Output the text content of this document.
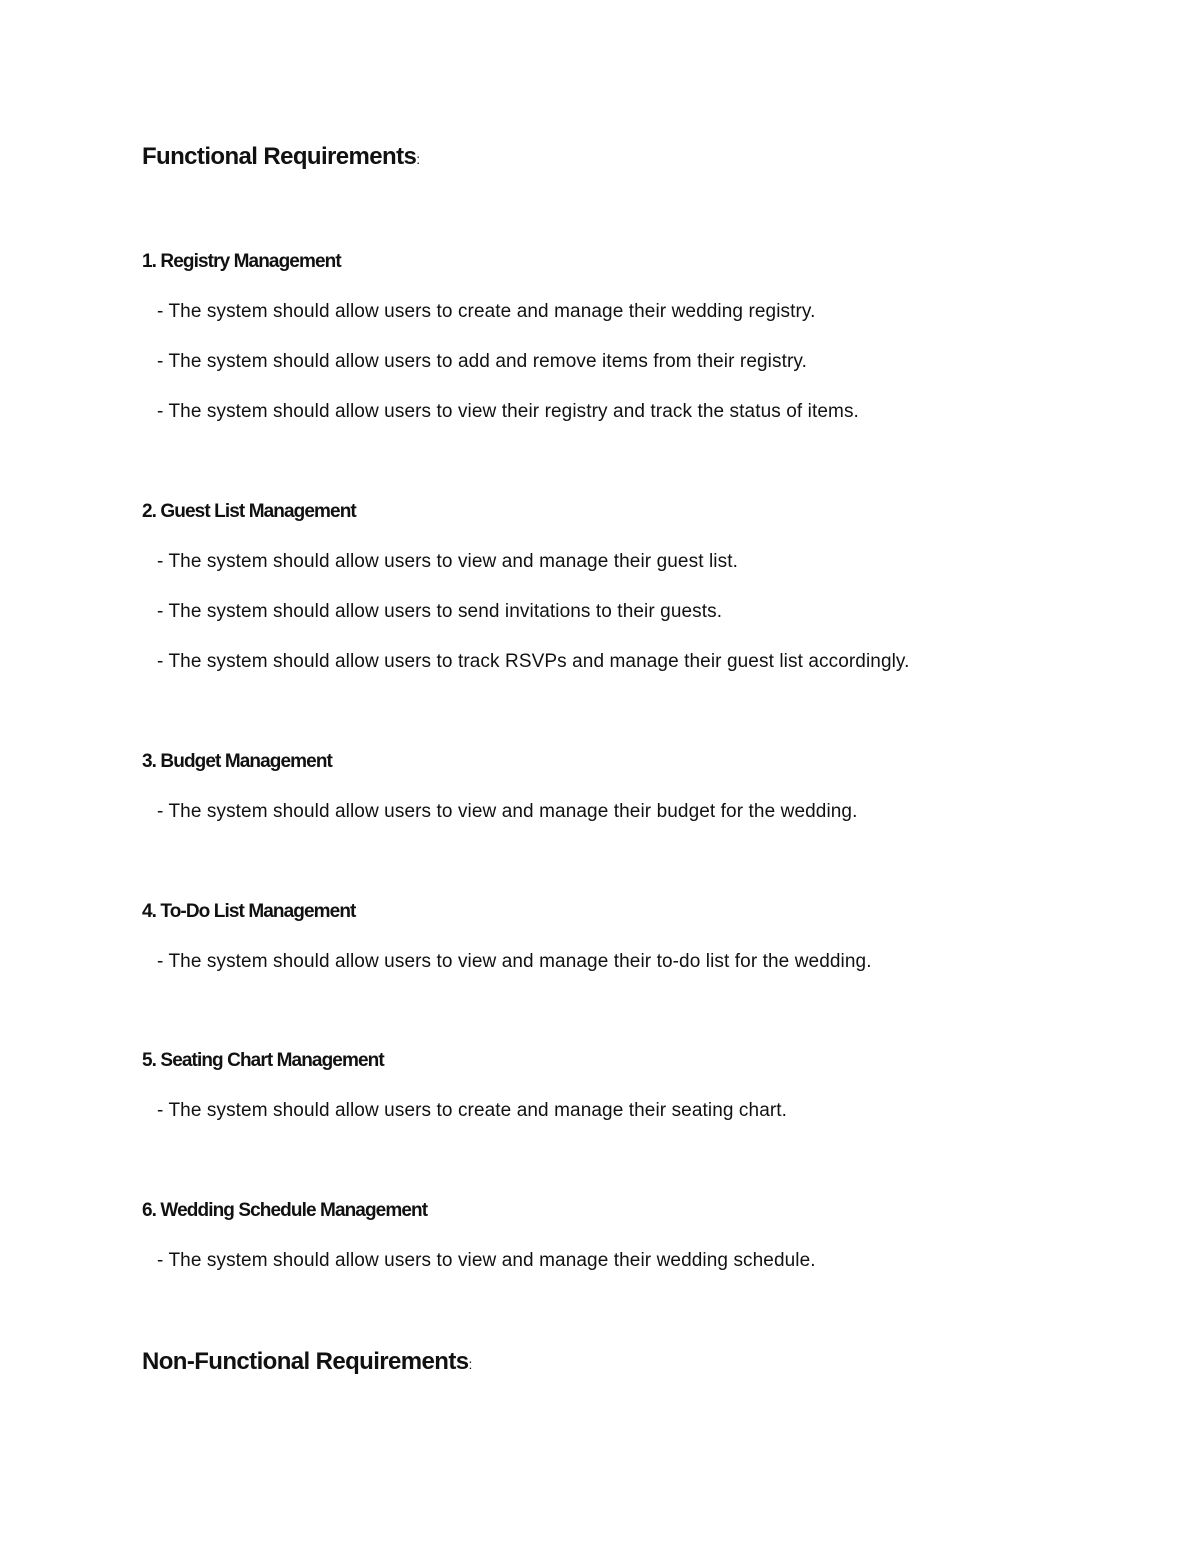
Functional Requirements:
1. Registry Management

- The system should allow users to create and manage their wedding registry.

- The system should allow users to add and remove items from their registry.

- The system should allow users to view their registry and track the status of items.

2. Guest List Management

- The system should allow users to view and manage their guest list.

- The system should allow users to send invitations to their guests.

- The system should allow users to track RSVPs and manage their guest list accordingly.

3. Budget Management

- The system should allow users to view and manage their budget for the wedding.

4. To-Do List Management

- The system should allow users to view and manage their to-do list for the wedding.

5. Seating Chart Management

- The system should allow users to create and manage their seating chart.

6. Wedding Schedule Management

- The system should allow users to view and manage their wedding schedule.

Non-Functional Requirements:
